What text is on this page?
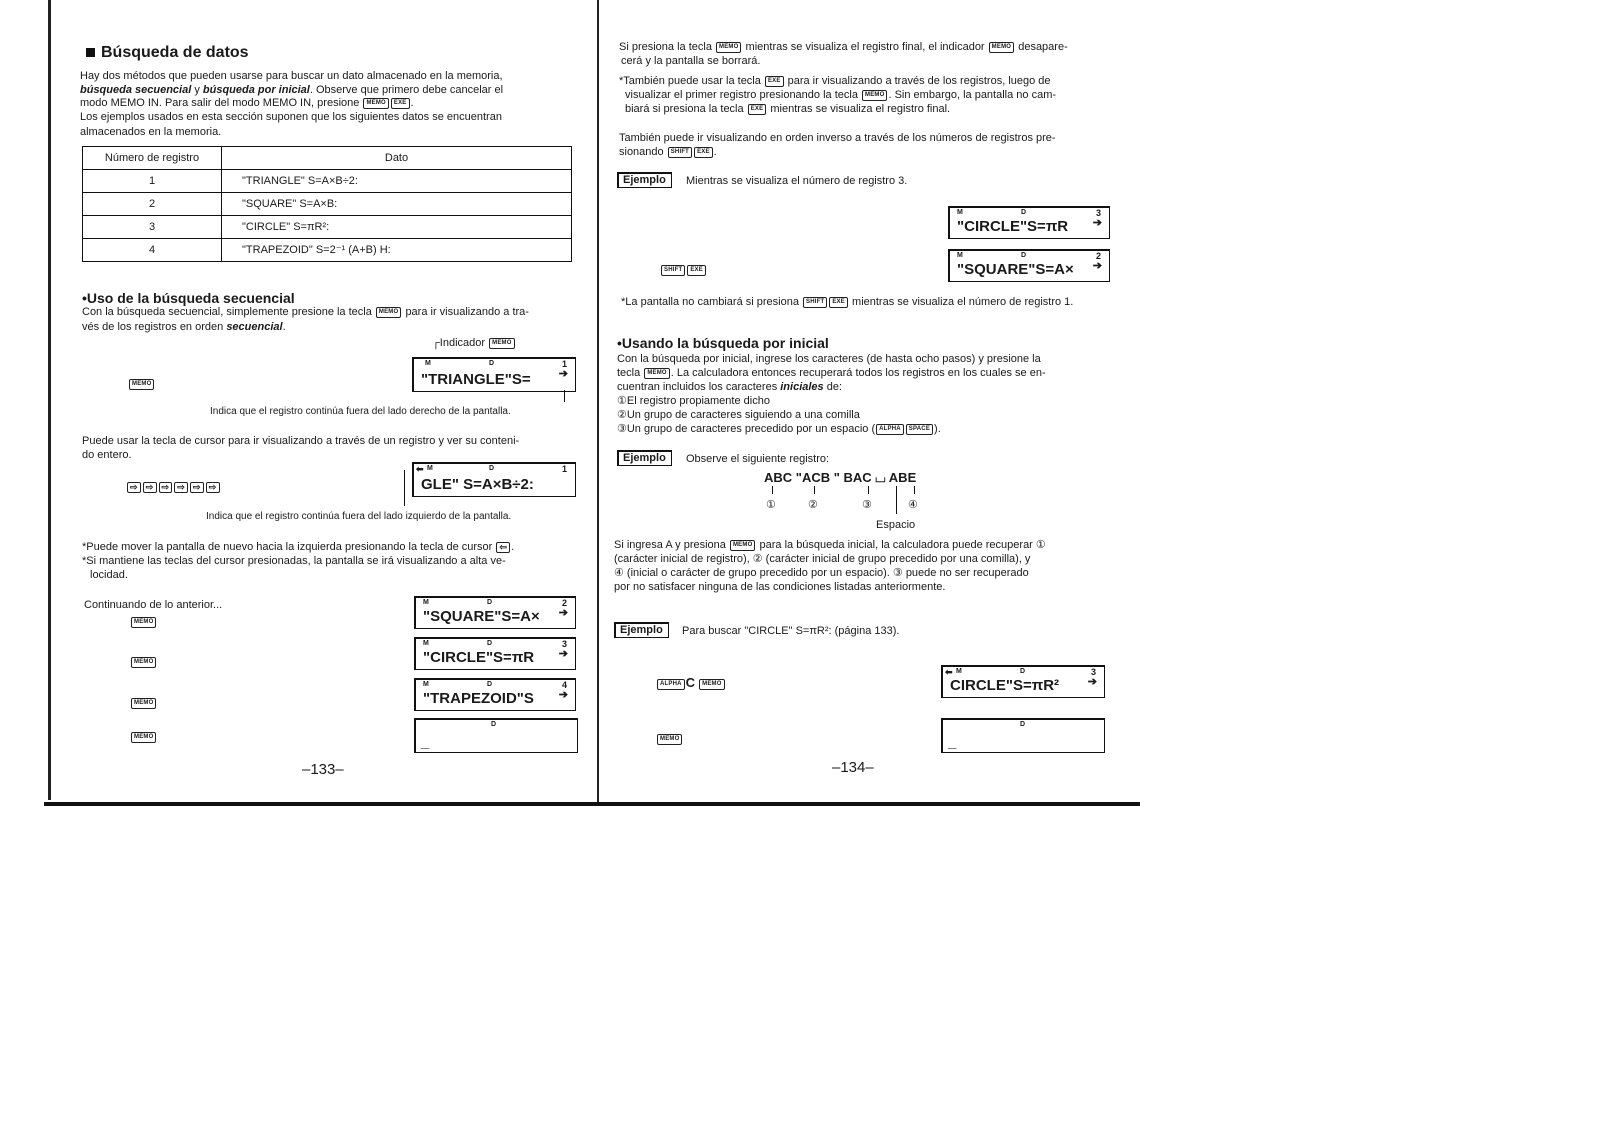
Búsqueda de datos
Hay dos métodos que pueden usarse para buscar un dato almacenado en la memoria,
búsqueda secuencial y búsqueda por inicial. Observe que primero debe cancelar el
modo MEMO IN. Para salir del modo MEMO IN, presione MEMO EXE .
Los ejemplos usados en esta sección suponen que los siguientes datos se encuentran
almacenados en la memoria.
Número de registro	Dato
1	"TRIANGLE" S=A×B÷2:
2	"SQUARE" S=A×B:
3	"CIRCLE" S=πR²:
4	"TRAPEZOID" S=2⁻¹ (A+B) H:
•Uso de la búsqueda secuencial
Con la búsqueda secuencial, simplemente presione la tecla MEMO para ir visualizando a tra-
vés de los registros en orden secuencial.
┌Indicador MEMO
MEMO
M	D	1
➔
"TRIANGLE"S=
Indica que el registro continúa fuera del lado derecho de la pantalla.
Puede usar la tecla de cursor para ir visualizando a través de un registro y ver su conteni-
do entero.
⇨ ⇨ ⇨ ⇨ ⇨ ⇨
⬅ M	D	1
GLE" S=A×B÷2:
Indica que el registro continúa fuera del lado izquierdo de la pantalla.
*Puede mover la pantalla de nuevo hacia la izquierda presionando la tecla de cursor ⇦ .
*Si mantiene las teclas del cursor presionadas, la pantalla se irá visualizando a alta ve-
locidad.
Continuando de lo anterior...
MEMO
M	D	2
➔
"SQUARE"S=A×
MEMO
M	D	3
➔
"CIRCLE"S=πR
MEMO
M	D	4
➔
"TRAPEZOID"S
MEMO
D
_
–133–
Si presiona la tecla MEMO mientras se visualiza el registro final, el indicador MEMO desapare-
cerá y la pantalla se borrará.
*También puede usar la tecla EXE para ir visualizando a través de los registros, luego de
visualizar el primer registro presionando la tecla MEMO . Sin embargo, la pantalla no cam-
biará si presiona la tecla EXE mientras se visualiza el registro final.
También puede ir visualizando en orden inverso a través de los números de registros pre-
sionando SHIFT EXE .
Ejemplo	Mientras se visualiza el número de registro 3.
M	D	3
➔
"CIRCLE"S=πR
SHIFT EXE
M	D	2
➔
"SQUARE"S=A×
*La pantalla no cambiará si presiona SHIFT EXE mientras se visualiza el número de registro 1.
•Usando la búsqueda por inicial
Con la búsqueda por inicial, ingrese los caracteres (de hasta ocho pasos) y presione la
tecla MEMO . La calculadora entonces recuperará todos los registros en los cuales se en-
cuentran incluidos los caracteres iniciales de:
①El registro propiamente dicho
②Un grupo de caracteres siguiendo a una comilla
③Un grupo de caracteres precedido por un espacio ( ALPHA SPACE ).
Ejemplo	Observe el siguiente registro:
ABC "ACB " BAC ⌴ ABE
①	②	③	④
Espacio
Si ingresa A y presiona MEMO para la búsqueda inicial, la calculadora puede recuperar ①
(carácter inicial de registro), ② (carácter inicial de grupo precedido por una comilla), y
④ (inicial o carácter de grupo precedido por un espacio). ③ puede no ser recuperado
por no satisfacer ninguna de las condiciones listadas anteriormente.
Ejemplo	Para buscar "CIRCLE" S=πR²: (página 133).
ALPHA C MEMO
⬅ M	D	3
➔
CIRCLE"S=πR²
MEMO
D
_
–134–
